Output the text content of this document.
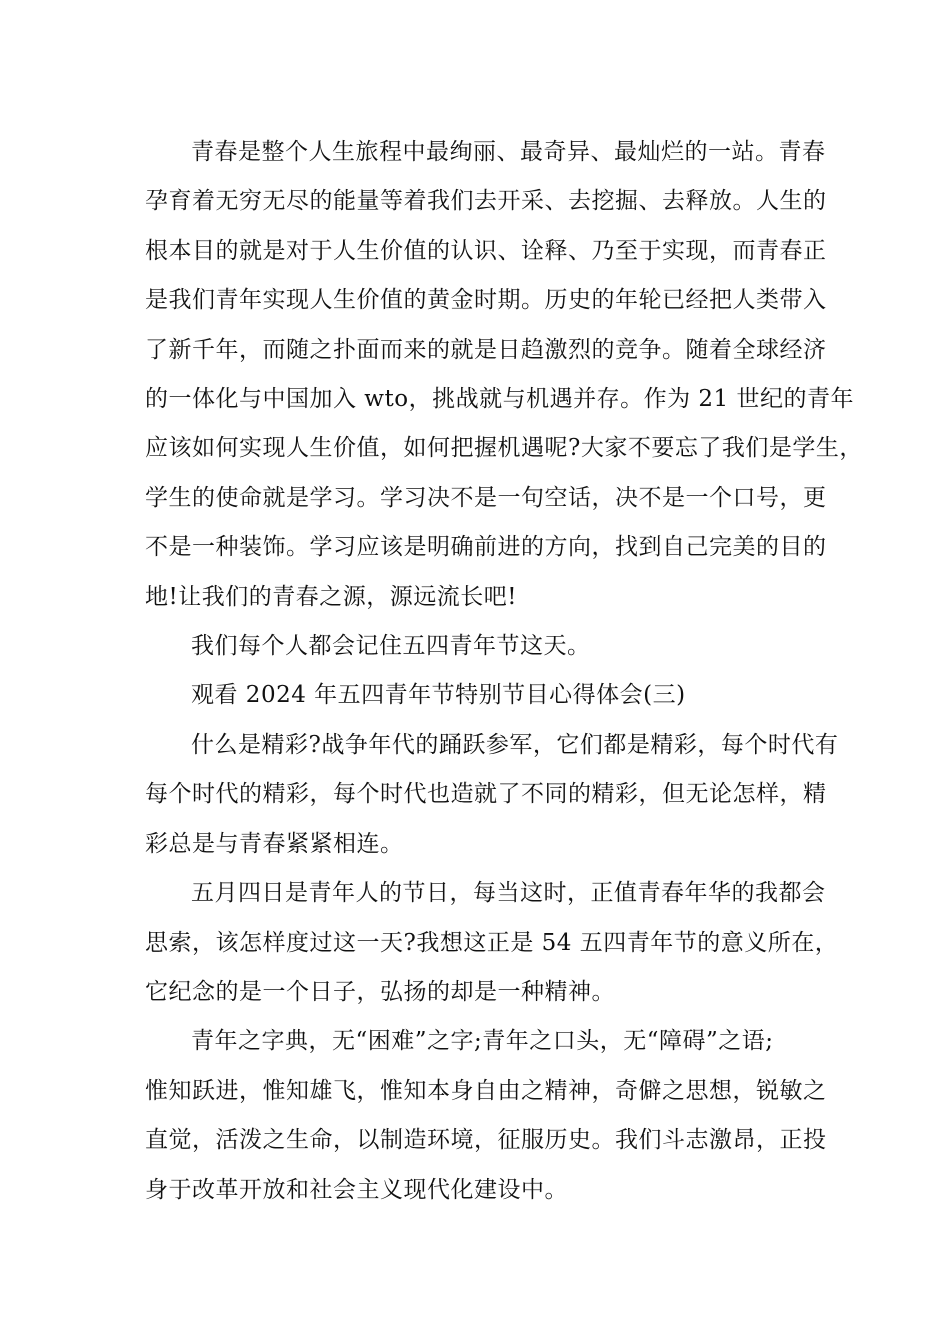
青春是整个人生旅程中最绚丽、最奇异、最灿烂的一站。青春
孕育着无穷无尽的能量等着我们去开采、去挖掘、去释放。人生的
根本目的就是对于人生价值的认识、诠释、乃至于实现，而青春正
是我们青年实现人生价值的黄金时期。历史的年轮已经把人类带入
了新千年，而随之扑面而来的就是日趋激烈的竞争。随着全球经济
的一体化与中国加入 wto，挑战就与机遇并存。作为 21 世纪的青年
应该如何实现人生价值，如何把握机遇呢?大家不要忘了我们是学生，
学生的使命就是学习。学习决不是一句空话，决不是一个口号，更
不是一种装饰。学习应该是明确前进的方向，找到自己完美的目的
地!让我们的青春之源，源远流长吧!

我们每个人都会记住五四青年节这天。

观看 2024 年五四青年节特别节目心得体会(三)

什么是精彩?战争年代的踊跃参军，它们都是精彩，每个时代有
每个时代的精彩，每个时代也造就了不同的精彩，但无论怎样，精
彩总是与青春紧紧相连。

五月四日是青年人的节日，每当这时，正值青春年华的我都会
思索，该怎样度过这一天?我想这正是 54 五四青年节的意义所在，
它纪念的是一个日子，弘扬的却是一种精神。

青年之字典，无“困难”之字;青年之口头，无“障碍”之语;
惟知跃进，惟知雄飞，惟知本身自由之精神，奇僻之思想，锐敏之
直觉，活泼之生命，以制造环境，征服历史。我们斗志激昂，正投
身于改革开放和社会主义现代化建设中。
